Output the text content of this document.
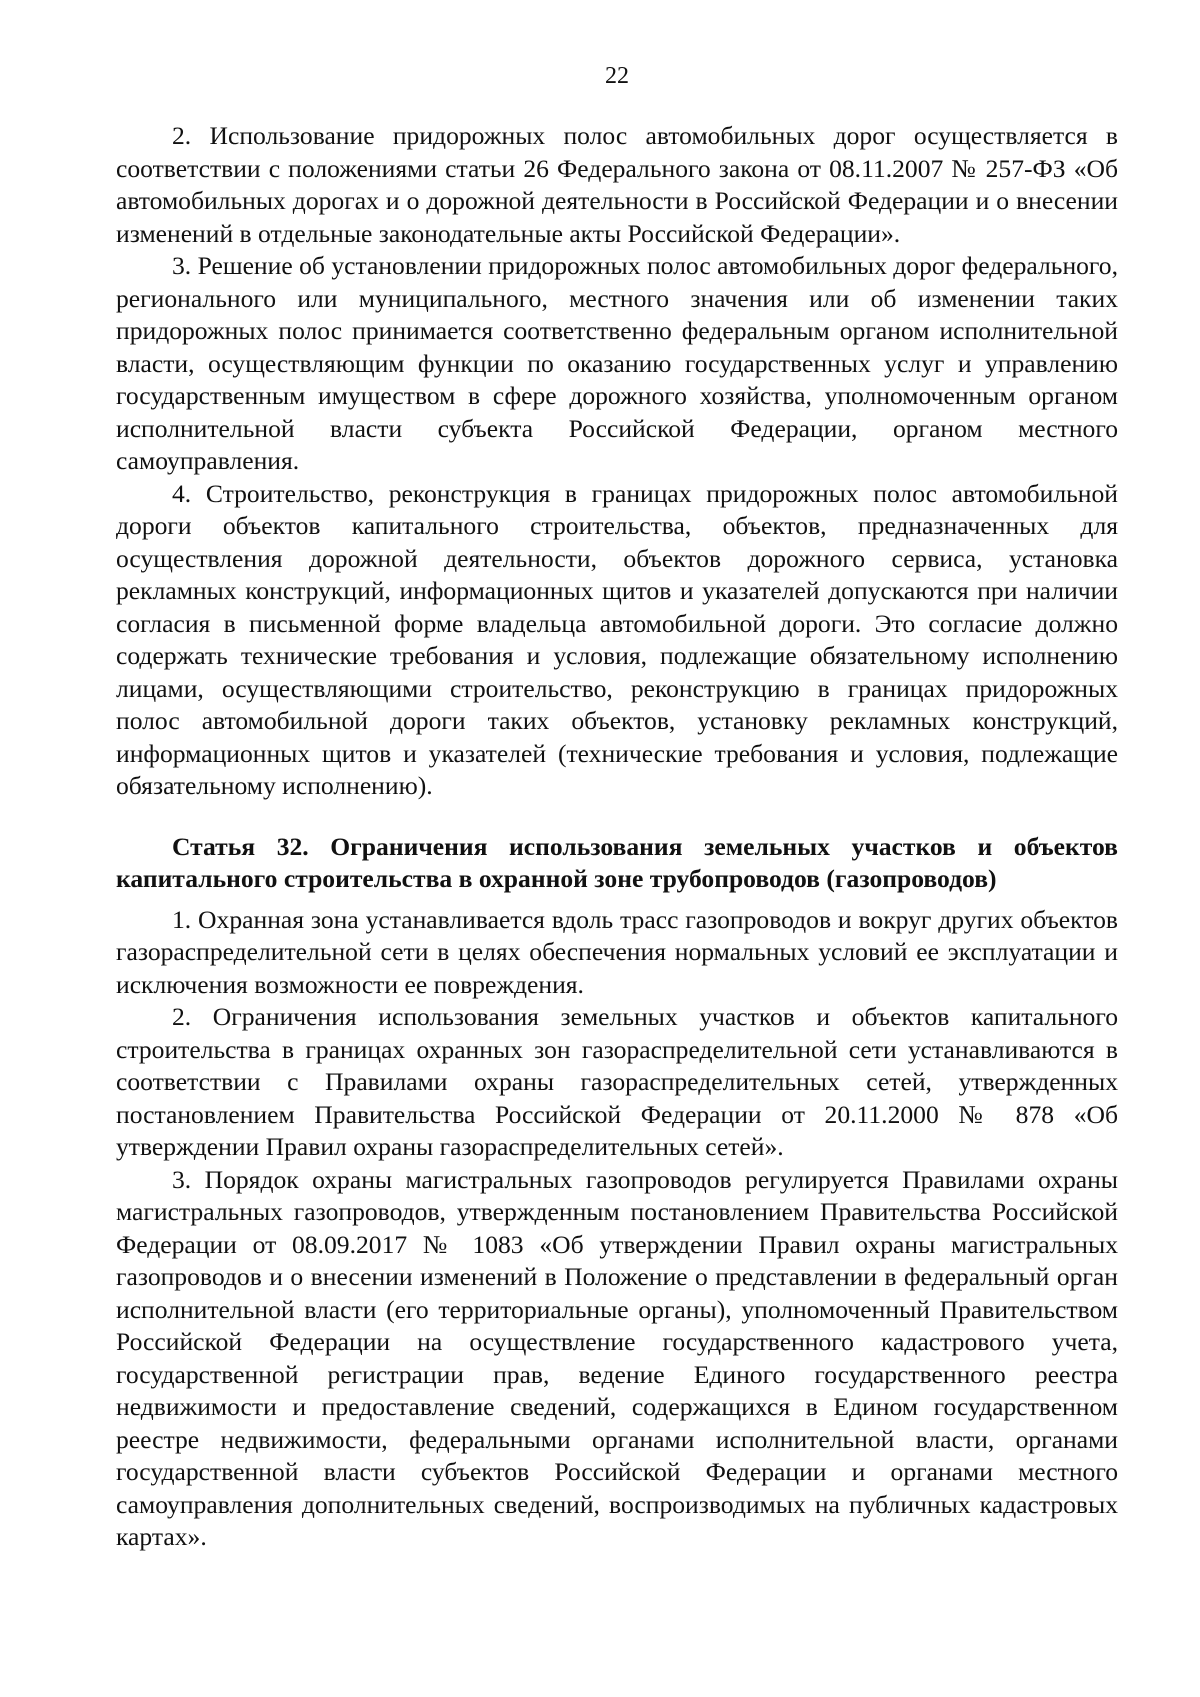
22

2. Использование придорожных полос автомобильных дорог осуществляется в соответствии с положениями статьи 26 Федерального закона от 08.11.2007 № 257-ФЗ «Об автомобильных дорогах и о дорожной деятельности в Российской Федерации и о внесении изменений в отдельные законодательные акты Российской Федерации».

3. Решение об установлении придорожных полос автомобильных дорог федерального, регионального или муниципального, местного значения или об изменении таких придорожных полос принимается соответственно федеральным органом исполнительной власти, осуществляющим функции по оказанию государственных услуг и управлению государственным имуществом в сфере дорожного хозяйства, уполномоченным органом исполнительной власти субъекта Российской Федерации, органом местного самоуправления.

4. Строительство, реконструкция в границах придорожных полос автомобильной дороги объектов капитального строительства, объектов, предназначенных для осуществления дорожной деятельности, объектов дорожного сервиса, установка рекламных конструкций, информационных щитов и указателей допускаются при наличии согласия в письменной форме владельца автомобильной дороги. Это согласие должно содержать технические требования и условия, подлежащие обязательному исполнению лицами, осуществляющими строительство, реконструкцию в границах придорожных полос автомобильной дороги таких объектов, установку рекламных конструкций, информационных щитов и указателей (технические требования и условия, подлежащие обязательному исполнению).

Статья 32. Ограничения использования земельных участков и объектов капитального строительства в охранной зоне трубопроводов (газопроводов)

1. Охранная зона устанавливается вдоль трасс газопроводов и вокруг других объектов газораспределительной сети в целях обеспечения нормальных условий ее эксплуатации и исключения возможности ее повреждения.

2. Ограничения использования земельных участков и объектов капитального строительства в границах охранных зон газораспределительной сети устанавливаются в соответствии с Правилами охраны газораспределительных сетей, утвержденных постановлением Правительства Российской Федерации от 20.11.2000 № 878 «Об утверждении Правил охраны газораспределительных сетей».

3. Порядок охраны магистральных газопроводов регулируется Правилами охраны магистральных газопроводов, утвержденным постановлением Правительства Российской Федерации от 08.09.2017 № 1083 «Об утверждении Правил охраны магистральных газопроводов и о внесении изменений в Положение о представлении в федеральный орган исполнительной власти (его территориальные органы), уполномоченный Правительством Российской Федерации на осуществление государственного кадастрового учета, государственной регистрации прав, ведение Единого государственного реестра недвижимости и предоставление сведений, содержащихся в Едином государственном реестре недвижимости, федеральными органами исполнительной власти, органами государственной власти субъектов Российской Федерации и органами местного самоуправления дополнительных сведений, воспроизводимых на публичных кадастровых картах».
